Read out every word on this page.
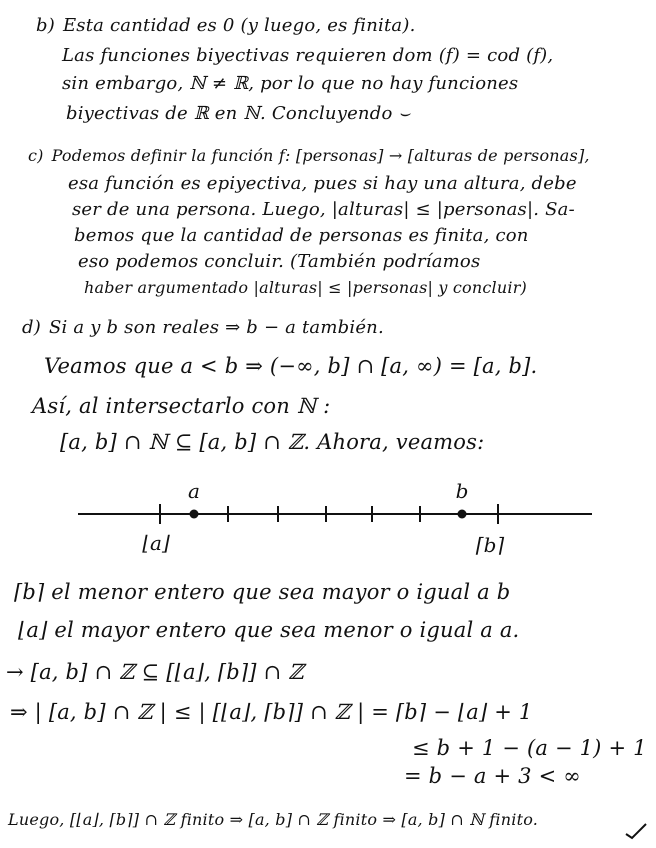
b) Esta cantidad es 0 (y luego, es finita).
Las funciones biyectivas requieren dom (f) = cod (f),
sin embargo, ℕ ≠ ℝ, por lo que no hay funciones
biyectivas de ℝ en ℕ. Concluyendo ⌣
c) Podemos definir la función f: [personas] → [alturas de personas],
esa función es epiyectiva, pues si hay una altura, debe
ser de una persona. Luego, |alturas| ≤ |personas|. Sa-
bemos que la cantidad de personas es finita, con
eso podemos concluir. (También podríamos
haber argumentado |alturas| ≤ |personas| y concluir)
d) Si a y b son reales ⇒ b − a también.
Veamos que a < b ⇒ (−∞, b] ∩ [a, ∞) = [a, b].
Así, al intersectarlo con ℕ :
[a, b] ∩ ℕ ⊆ [a, b] ∩ ℤ. Ahora, veamos:
a	b
⌊a⌋	⌈b⌉
⌈b⌉ el menor entero que sea mayor o igual a b
⌊a⌋ el mayor entero que sea menor o igual a a.
→ [a, b] ∩ ℤ ⊆ [⌊a⌋, ⌈b⌉] ∩ ℤ
⇒ | [a, b] ∩ ℤ | ≤ | [⌊a⌋, ⌈b⌉] ∩ ℤ | = ⌈b⌉ − ⌊a⌋ + 1
≤ b + 1 − (a − 1) + 1
= b − a + 3 < ∞
Luego, [⌊a⌋, ⌈b⌉] ∩ ℤ finito ⇒ [a, b] ∩ ℤ finito ⇒ [a, b] ∩ ℕ finito.
